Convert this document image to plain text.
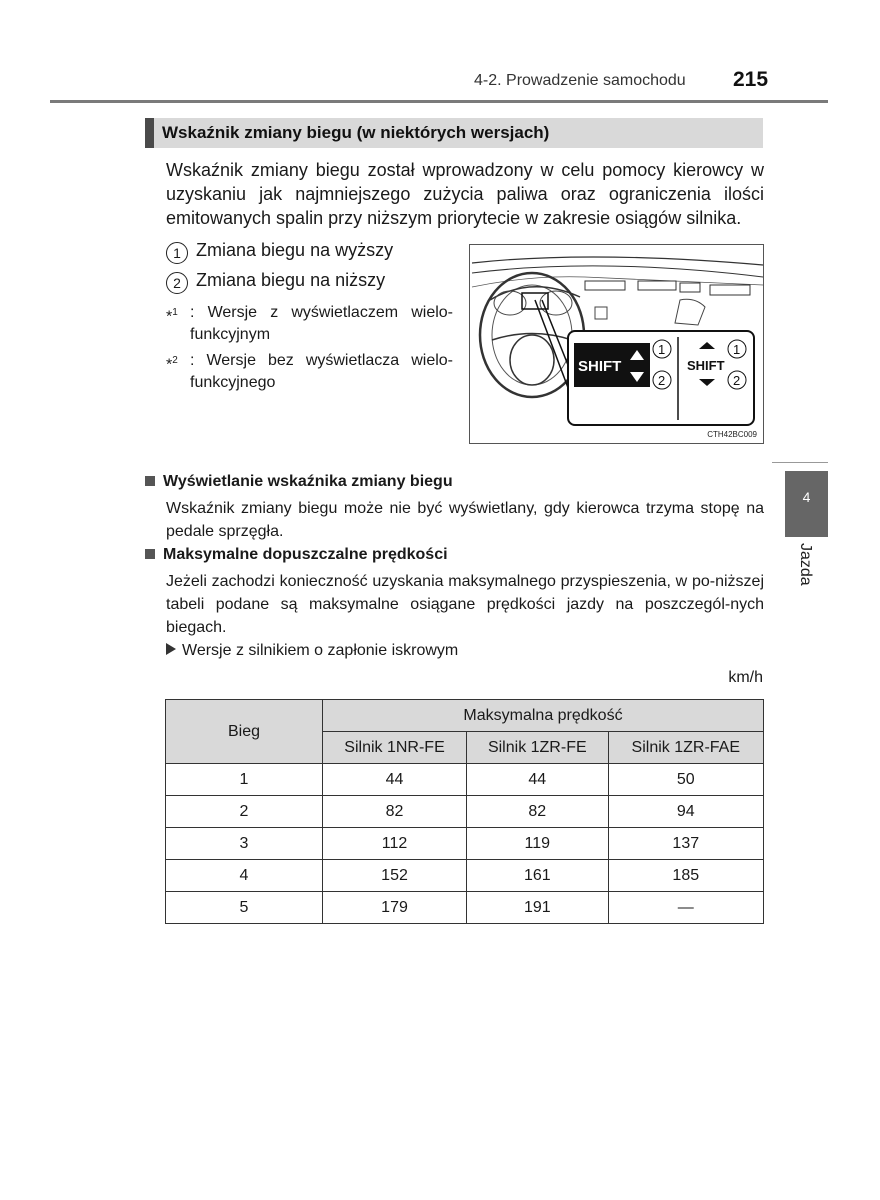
4-2. Prowadzenie samochodu 215
Wskaźnik zmiany biegu (w niektórych wersjach)

Wskaźnik zmiany biegu został wprowadzony w celu pomocy kierowcy w uzyskaniu jak najmniejszego zużycia paliwa oraz ograniczenia ilości emitowanych spalin przy niższym priorytecie w zakresie osiągów silnika.

1 Zmiana biegu na wyższy
2 Zmiana biegu na niższy
*$^1$ : Wersje z wyświetlaczem wielo-funkcyjnym
*$^2$ : Wersje bez wyświetlacza wielo-funkcyjnego
SHIFT
1
2
SHIFT
1
2
CTH42BC009
4
Jazda
Wyświetlanie wskaźnika zmiany biegu

Wskaźnik zmiany biegu może nie być wyświetlany, gdy kierowca trzyma stopę na pedale sprzęgła.

Maksymalne dopuszczalne prędkości

Jeżeli zachodzi konieczność uzyskania maksymalnego przyspieszenia, w po-niższej tabeli podane są maksymalne osiągane prędkości jazdy na poszczegól-nych biegach.

Wersje z silnikiem o zapłonie iskrowym
km/h
Bieg	Maksymalna prędkość		
	Silnik 1NR-FE	Silnik 1ZR-FE	Silnik 1ZR-FAE
1	44	44	50
2	82	82	94
3	112	119	137
4	152	161	185
5	179	191	—
